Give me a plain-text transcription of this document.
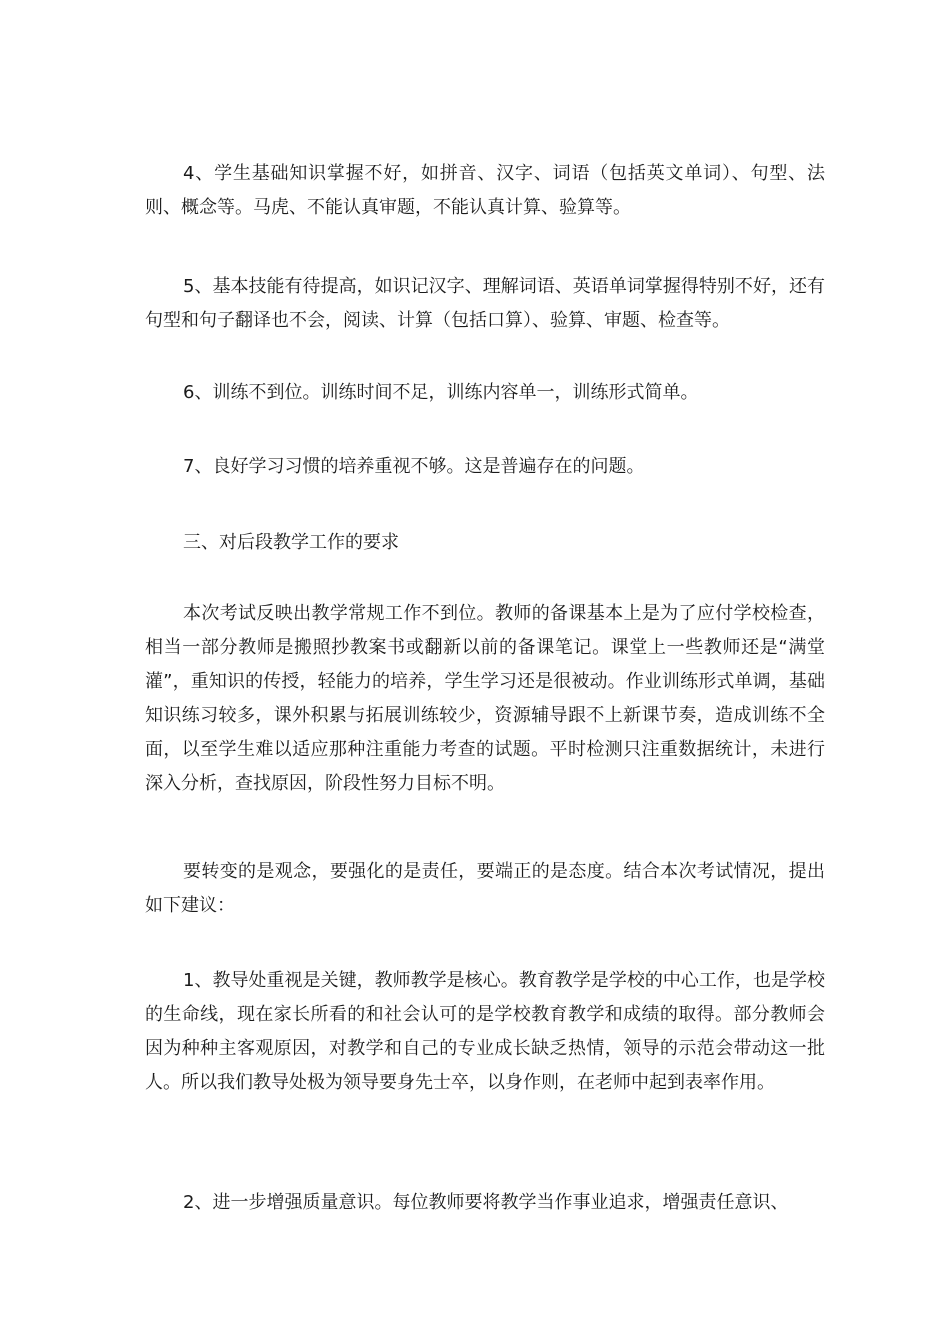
4、学生基础知识掌握不好，如拼音、汉字、词语（包括英文单词）、句型、法则、概念等。马虎、不能认真审题，不能认真计算、验算等。

5、基本技能有待提高，如识记汉字、理解词语、英语单词掌握得特别不好，还有句型和句子翻译也不会，阅读、计算（包括口算）、验算、审题、检查等。

6、训练不到位。训练时间不足，训练内容单一，训练形式简单。

7、良好学习习惯的培养重视不够。这是普遍存在的问题。

三、对后段教学工作的要求

本次考试反映出教学常规工作不到位。教师的备课基本上是为了应付学校检查，相当一部分教师是搬照抄教案书或翻新以前的备课笔记。课堂上一些教师还是“满堂灌”，重知识的传授，轻能力的培养，学生学习还是很被动。作业训练形式单调，基础知识练习较多，课外积累与拓展训练较少，资源辅导跟不上新课节奏，造成训练不全面，以至学生难以适应那种注重能力考查的试题。平时检测只注重数据统计，未进行深入分析，查找原因，阶段性努力目标不明。

要转变的是观念，要强化的是责任，要端正的是态度。结合本次考试情况，提出如下建议：

1、教导处重视是关键，教师教学是核心。教育教学是学校的中心工作，也是学校的生命线，现在家长所看的和社会认可的是学校教育教学和成绩的取得。部分教师会因为种种主客观原因，对教学和自己的专业成长缺乏热情，领导的示范会带动这一批人。所以我们教导处极为领导要身先士卒，以身作则，在老师中起到表率作用。

2、进一步增强质量意识。每位教师要将教学当作事业追求，增强责任意识、
